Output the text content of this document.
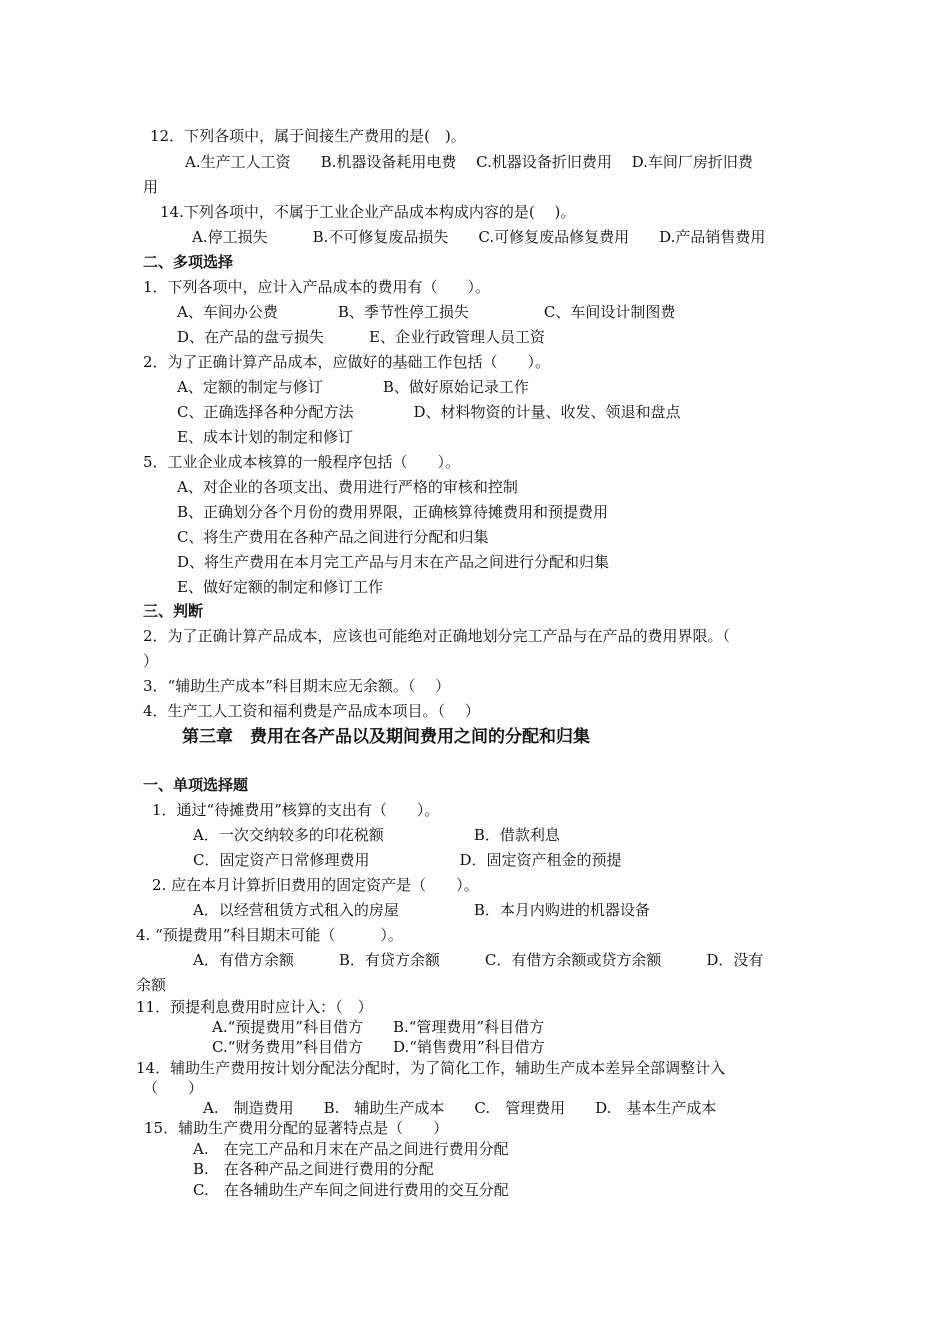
12．下列各项中，属于间接生产费用的是(　)。
A.生产工人工资　　B.机器设备耗用电费　 C.机器设备折旧费用　 D.车间厂房折旧费
用
14.下列各项中，不属于工业企业产品成本构成内容的是(　 )。
A.停工损失　　　B.不可修复废品损失　　C.可修复废品修复费用　　D.产品销售费用
二、多项选择
1．下列各项中，应计入产品成本的费用有（　　）。
A、车间办公费　　　　B、季节性停工损失　　　　　C、车间设计制图费
D、在产品的盘亏损失　　　E、企业行政管理人员工资
2．为了正确计算产品成本，应做好的基础工作包括（　　）。
A、定额的制定与修订　　　　B、做好原始记录工作
C、正确选择各种分配方法　　　　D、材料物资的计量、收发、领退和盘点
E、成本计划的制定和修订
5．工业企业成本核算的一般程序包括（　　）。
A、对企业的各项支出、费用进行严格的审核和控制
B、正确划分各个月份的费用界限，正确核算待摊费用和预提费用
C、将生产费用在各种产品之间进行分配和归集
D、将生产费用在本月完工产品与月末在产品之间进行分配和归集
E、做好定额的制定和修订工作
三、判断
2．为了正确计算产品成本，应该也可能绝对正确地划分完工产品与在产品的费用界限。（
）
3．“辅助生产成本”科目期末应无余额。（　 ）
4．生产工人工资和福利费是产品成本项目。（　 ）
第三章　费用在各产品以及期间费用之间的分配和归集
一、单项选择题
1．通过“待摊费用”核算的支出有（　　）。
A．一次交纳较多的印花税额　　　　　　B．借款利息
C．固定资产日常修理费用　　　　　　D．固定资产租金的预提
2. 应在本月计算折旧费用的固定资产是（　　）。
A．以经营租赁方式租入的房屋　　　　　B．本月内购进的机器设备
4. “预提费用”科目期末可能（　　　）。
A．有借方余额　　　B．有贷方余额　　　C．有借方余额或贷方余额　　　D．没有
余额
11．预提利息费用时应计入：（　）
A.“预提费用”科目借方　　B.“管理费用”科目借方
C.“财务费用”科目借方　　D.“销售费用”科目借方
14．辅助生产费用按计划分配法分配时，为了简化工作，辅助生产成本差异全部调整计入
（　　）
A.　制造费用　　B.　辅助生产成本　　C.　管理费用　　D.　基本生产成本
15．辅助生产费用分配的显著特点是（　　）
A.　在完工产品和月末在产品之间进行费用分配
B.　在各种产品之间进行费用的分配
C.　在各辅助生产车间之间进行费用的交互分配
